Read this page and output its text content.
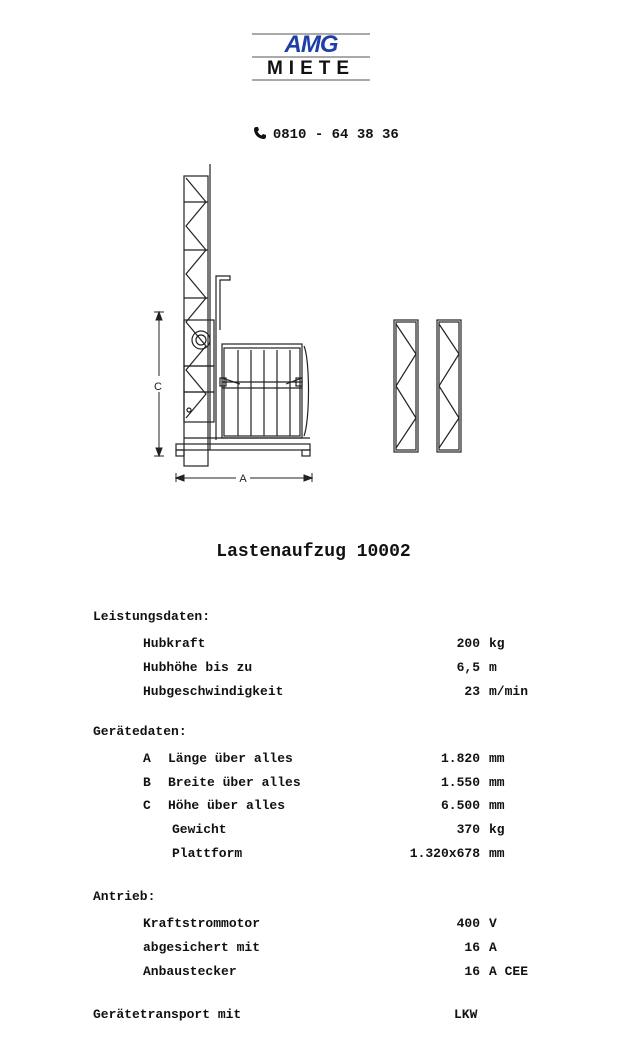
AMG
MIETE

0810 - 64 38 36

C
A
Lastenaufzug 10002
Leistungsdaten:
Hubkraft	200 kg
Hubhöhe bis zu	6,5 m
Hubgeschwindigkeit	23 m/min
Gerätedaten:
A Länge über alles	1.820 mm
B Breite über alles	1.550 mm
C Höhe über alles	6.500 mm
Gewicht	370 kg
Plattform	1.320x678 mm
Antrieb:
Kraftstrommotor	400 V
abgesichert mit	16 A
Anbaustecker	16 A CEE
Gerätetransport mit	LKW
